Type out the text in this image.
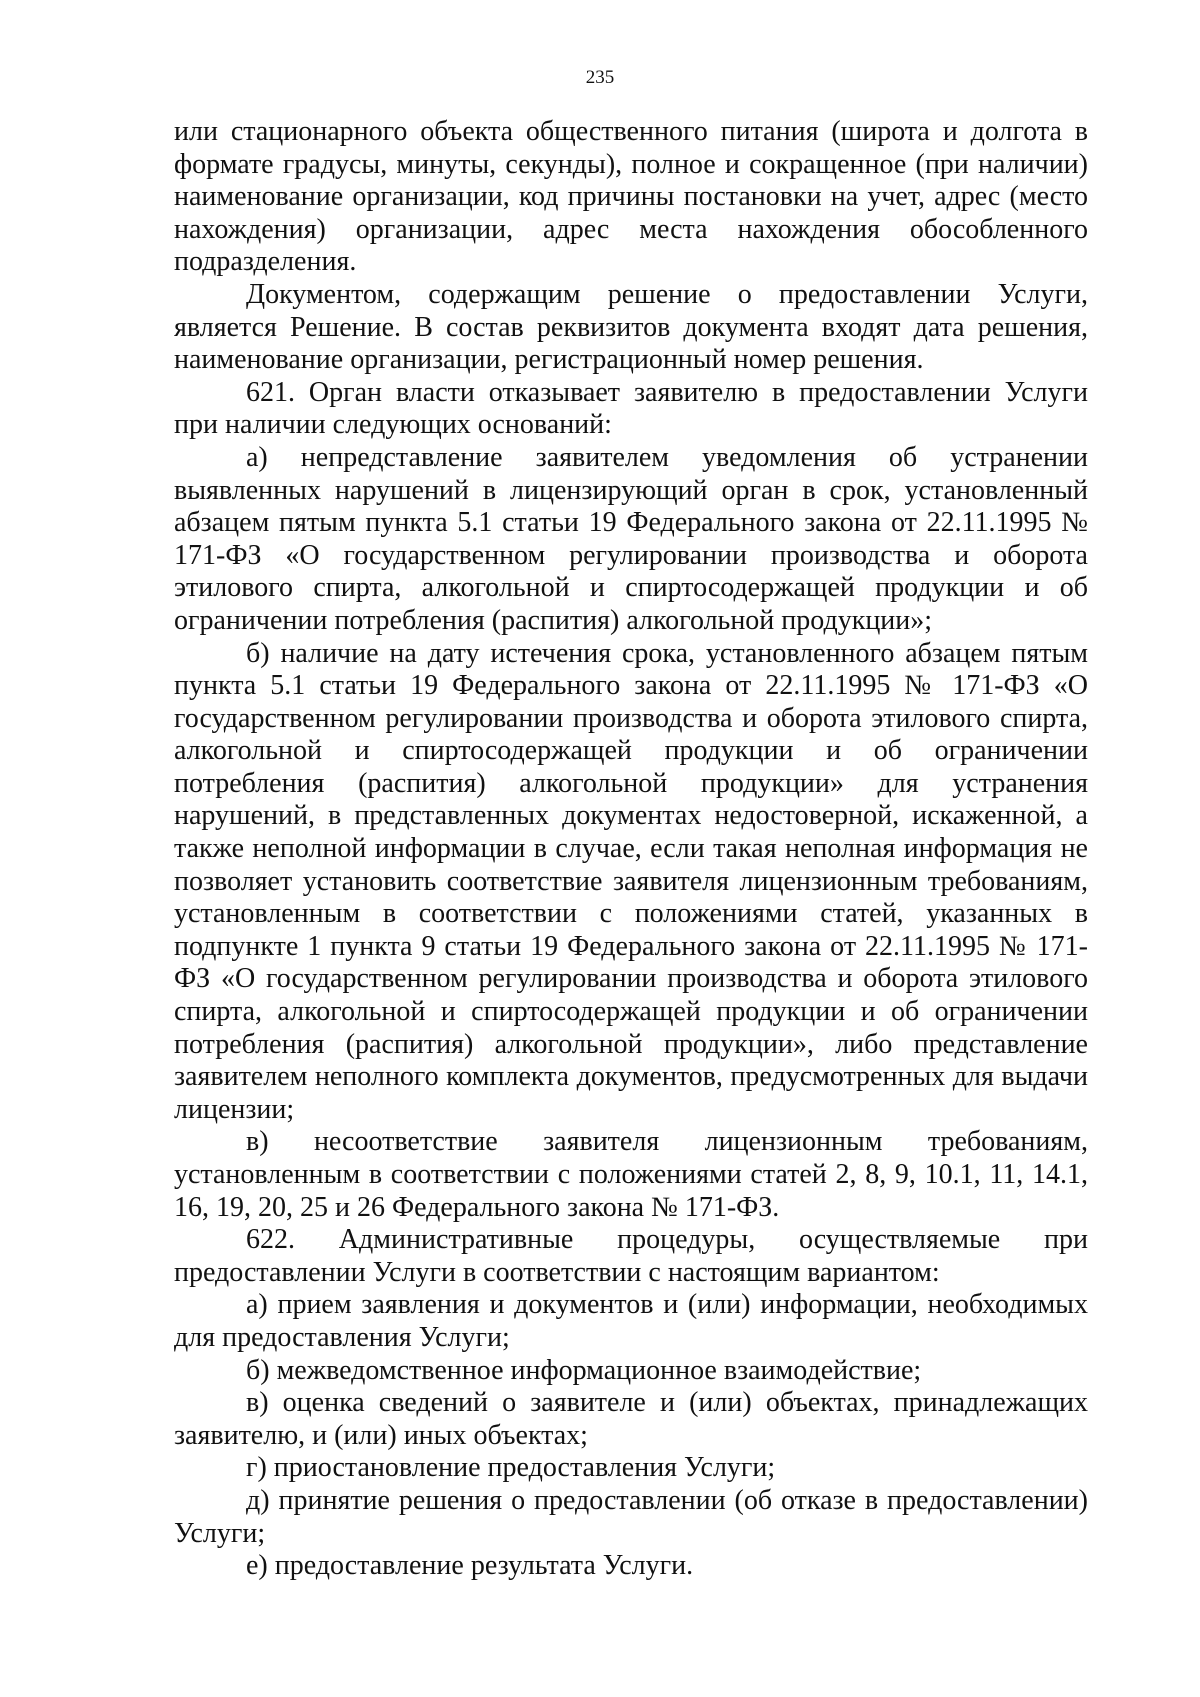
235

или стационарного объекта общественного питания (широта и долгота в формате градусы, минуты, секунды), полное и сокращенное (при наличии) наименование организации, код причины постановки на учет, адрес (место нахождения) организации, адрес места нахождения обособленного подразделения.

Документом, содержащим решение о предоставлении Услуги, является Решение. В состав реквизитов документа входят дата решения, наименование организации, регистрационный номер решения.

621. Орган власти отказывает заявителю в предоставлении Услуги при наличии следующих оснований:

а) непредставление заявителем уведомления об устранении выявленных нарушений в лицензирующий орган в срок, установленный абзацем пятым пункта 5.1 статьи 19 Федерального закона от 22.11.1995 № 171-ФЗ «О государственном регулировании производства и оборота этилового спирта, алкогольной и спиртосодержащей продукции и об ограничении потребления (распития) алкогольной продукции»;

б) наличие на дату истечения срока, установленного абзацем пятым пункта 5.1 статьи 19 Федерального закона от 22.11.1995 № 171-ФЗ «О государственном регулировании производства и оборота этилового спирта, алкогольной и спиртосодержащей продукции и об ограничении потребления (распития) алкогольной продукции» для устранения нарушений, в представленных документах недостоверной, искаженной, а также неполной информации в случае, если такая неполная информация не позволяет установить соответствие заявителя лицензионным требованиям, установленным в соответствии с положениями статей, указанных в подпункте 1 пункта 9 статьи 19 Федерального закона от 22.11.1995 № 171-ФЗ «О государственном регулировании производства и оборота этилового спирта, алкогольной и спиртосодержащей продукции и об ограничении потребления (распития) алкогольной продукции», либо представление заявителем неполного комплекта документов, предусмотренных для выдачи лицензии;

в) несоответствие заявителя лицензионным требованиям, установленным в соответствии с положениями статей 2, 8, 9, 10.1, 11, 14.1, 16, 19, 20, 25 и 26 Федерального закона № 171-ФЗ.

622. Административные процедуры, осуществляемые при предоставлении Услуги в соответствии с настоящим вариантом:

а) прием заявления и документов и (или) информации, необходимых для предоставления Услуги;

б) межведомственное информационное взаимодействие;

в) оценка сведений о заявителе и (или) объектах, принадлежащих заявителю, и (или) иных объектах;

г) приостановление предоставления Услуги;

д) принятие решения о предоставлении (об отказе в предоставлении) Услуги;

е) предоставление результата Услуги.
